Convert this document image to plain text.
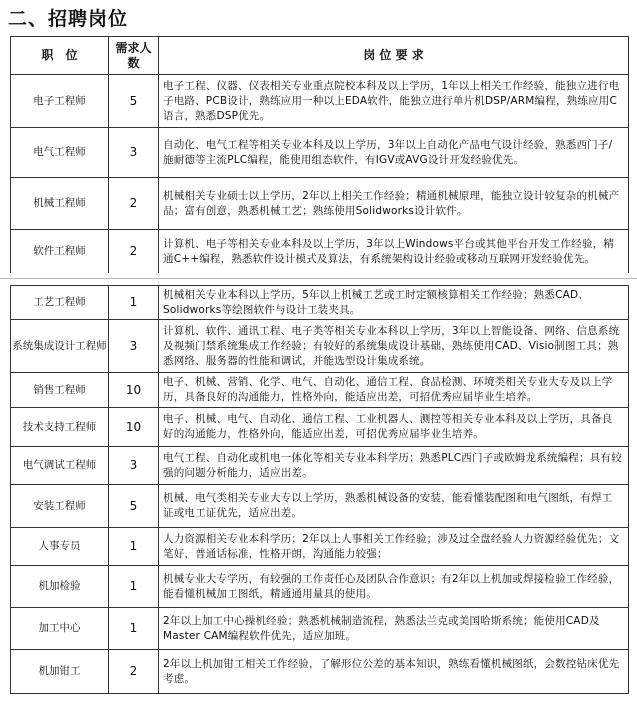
二、招聘岗位
职　位	需求人数	岗 位 要 求
电子工程师	5	电子工程、仪器、仪表相关专业重点院校本科及以上学历，1年以上相关工作经验，能独立进行电子电路、PCB设计，熟练应用一种以上EDA软件，能独立进行单片机DSP/ARM编程，熟练应用C语言，熟悉DSP优先。
电气工程师	3	自动化、电气工程等相关专业本科及以上学历，3年以上自动化产品电气设计经验，熟悉西门子/施耐德等主流PLC编程，能使用组态软件，有IGV或AVG设计开发经验优先。
机械工程师	2	机械相关专业硕士以上学历，2年以上相关工作经验；精通机械原理，能独立设计较复杂的机械产品；富有创意，熟悉机械工艺；熟练使用Solidworks设计软件。
软件工程师	2	计算机、电子等相关专业本科及以上学历，3年以上Windows平台或其他平台开发工作经验，精通C++编程，熟悉软件设计模式及算法，有系统架构设计经验或移动互联网开发经验优先。
工艺工程师	1	机械相关专业本科以上学历，5年以上机械工艺或工时定额核算相关工作经验；熟悉CAD、Solidworks等绘图软件与设计工装夹具。
系统集成设计工程师	3	计算机、软件、通讯工程、电子类等相关专业本科以上学历，3年以上智能设备、网络、信息系统及视频门禁系统集成工作经验；有较好的系统集成设计基础，熟练使用CAD、Visio制图工具；熟悉网络、服务器的性能和调试，并能选型设计集成系统。
销售工程师	10	电子、机械、营销、化学、电气、自动化、通信工程、食品检测、环境类相关专业大专及以上学历，具备良好的沟通能力，性格外向，能适应出差，可招优秀应届毕业生培养。
技术支持工程师	10	电子、机械、电气、自动化、通信工程、工业机器人、测控等相关专业本科及以上学历，具备良好的沟通能力，性格外向，能适应出差，可招优秀应届毕业生培养。
电气调试工程师	3	电气工程、自动化或机电一体化等相关专业本科学历；熟悉PLC西门子或欧姆龙系统编程；具有较强的问题分析能力，适应出差。
安装工程师	5	机械、电气类相关专业大专以上学历，熟悉机械设备的安装，能看懂装配图和电气图纸，有焊工证或电工证优先，适应出差。
人事专员	1	人力资源相关专业本科学历；2年以上人事相关工作经验；涉及过全盘经验人力资源经验优先；文笔好，普通话标准，性格开朗，沟通能力较强；
机加检验	1	机械专业大专学历，有较强的工作责任心及团队合作意识；有2年以上机加或焊接检验工作经验，能看懂机械加工图纸，精通通用量具的使用。
加工中心	1	2年以上加工中心操机经验；熟悉机械制造流程，熟悉法兰克或美国哈斯系统；能使用CAD及Master CAM编程软件优先，适应加班。
机加钳工	2	2年以上机加钳工相关工作经验，了解形位公差的基本知识，熟练看懂机械图纸，会数控钻床优先考虑。
